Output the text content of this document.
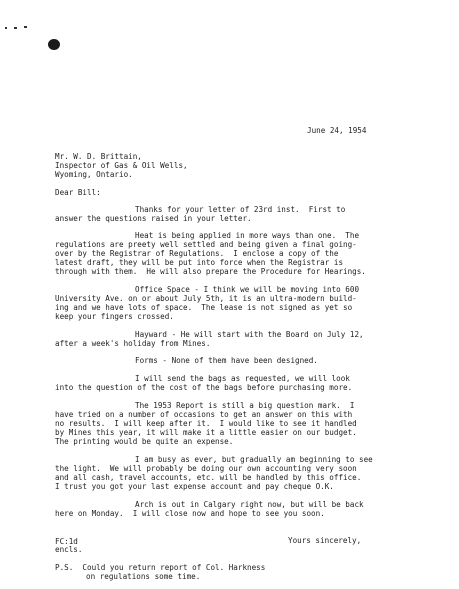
June 24, 1954
Mr. W. D. Brittain,
Inspector of Gas & Oil Wells,
Wyoming, Ontario.
Dear Bill:
Thanks for your letter of 23rd inst.  First to
answer the questions raised in your letter.
Heat is being applied in more ways than one.  The
regulations are preety well settled and being given a final going-
over by the Registrar of Regulations.  I enclose a copy of the
latest draft, they will be put into force when the Registrar is
through with them.  He will also prepare the Procedure for Hearings.
Office Space - I think we will be moving into 600
University Ave. on or about July 5th, it is an ultra-modern build-
ing and we have lots of space.  The lease is not signed as yet so
keep your fingers crossed.
Hayward - He will start with the Board on July 12,
after a week's holiday from Mines.
Forms - None of them have been designed.
I will send the bags as requested, we will look
into the question of the cost of the bags before purchasing more.
The 1953 Report is still a big question mark.  I
have tried on a number of occasions to get an answer on this with
no results.  I will keep after it.  I would like to see it handled
by Mines this year, it will make it a little easier on our budget.
The printing would be quite an expense.
I am busy as ever, but gradually am beginning to see
the light.  We will probably be doing our own accounting very soon
and all cash, travel accounts, etc. will be handled by this office.
I trust you got your last expense account and pay cheque O.K.
Arch is out in Calgary right now, but will be back
here on Monday.  I will close now and hope to see you soon.
Yours sincerely,
FC:1d
encls.
P.S.  Could you return report of Col. Harkness
on regulations some time.
